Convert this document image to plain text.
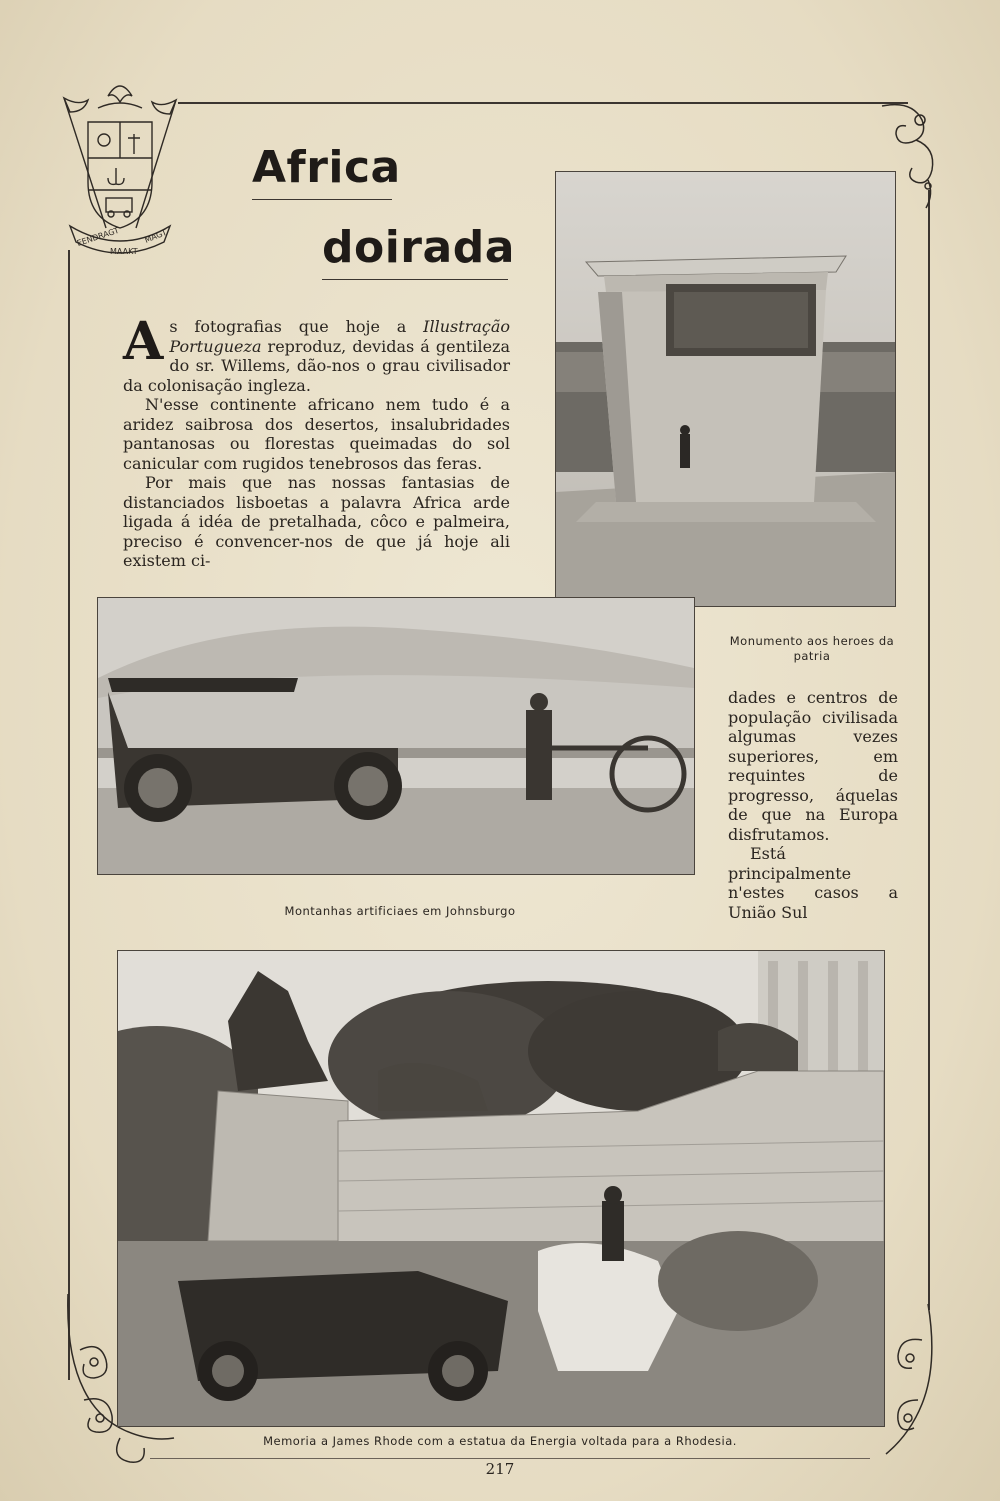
EENDRAGT
MAAKT
MAGT
Africa
doirada

As fotografias que hoje a Illustração Portugueza reproduz, devidas á gentileza do sr. Willems, dão-nos o grau civilisador da colonisação ingleza.

N'esse continente africano nem tudo é a aridez saibrosa dos desertos, insalubridades pantanosas ou florestas queimadas do sol canicular com rugidos tenebrosos das feras.

Por mais que nas nossas fantasias de distanciados lisboetas a palavra Africa arde ligada á idéa de pretalhada, côco e palmeira, preciso é convencer-nos de que já hoje ali existem ci-

dades e centros de população civilisada algumas vezes superiores, em requintes de progresso, áquelas de que na Europa disfrutamos.

Está principalmente n'estes casos a União Sul

Monumento aos heroes da patria
Montanhas artificiaes em Johnsburgo
Memoria a James Rhode com a estatua da Energia voltada para a Rhodesia.
217
